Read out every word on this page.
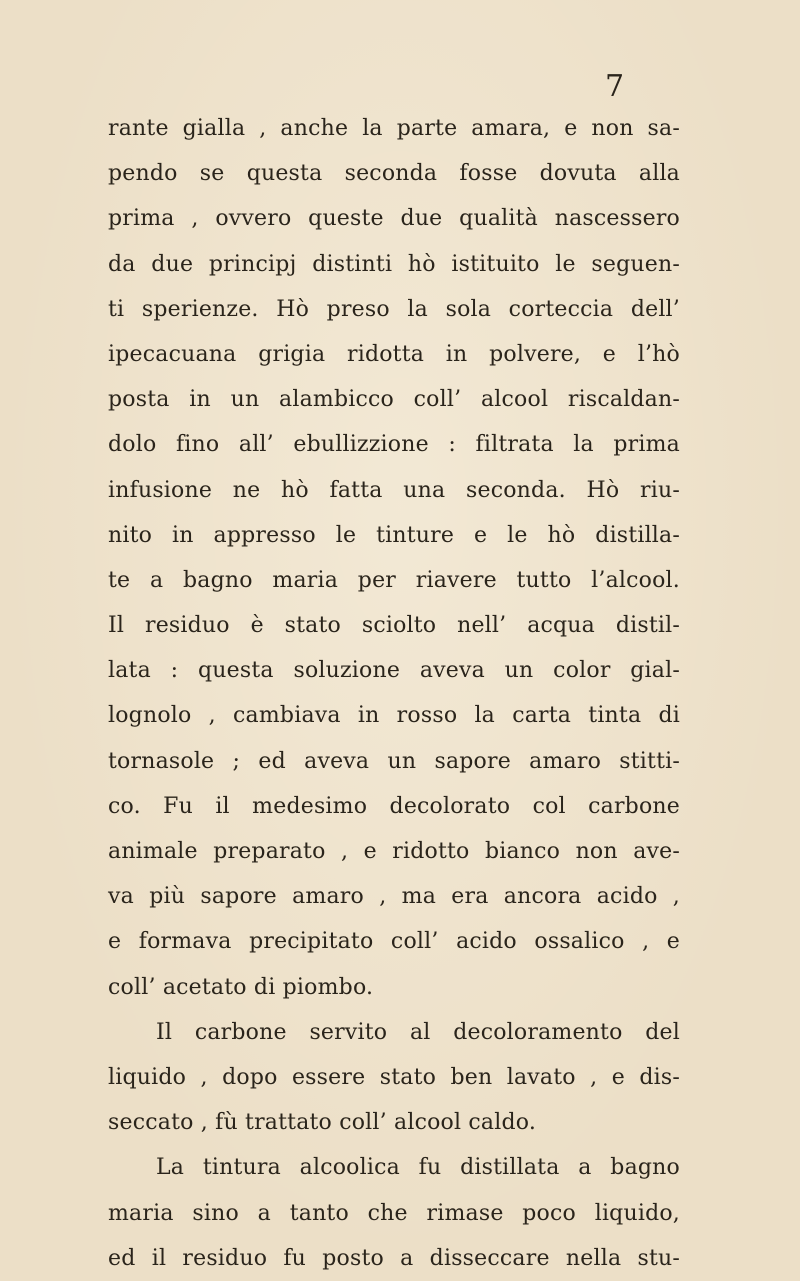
7
rante gialla , anche la parte amara, e non sa-
pendo se questa seconda fosse dovuta alla
prima , ovvero queste due qualità nascessero
da due principj distinti hò istituito le seguen-
ti sperienze. Hò preso la sola corteccia dell’
ipecacuana grigia ridotta in polvere, e l’hò
posta in un alambicco coll’ alcool riscaldan-
dolo fino all’ ebullizzione : filtrata la prima
infusione ne hò fatta una seconda. Hò riu-
nito in appresso le tinture e le hò distilla-
te a bagno maria per riavere tutto l’alcool.
Il residuo è stato sciolto nell’ acqua distil-
lata : questa soluzione aveva un color gial-
lognolo , cambiava in rosso la carta tinta di
tornasole ; ed aveva un sapore amaro stitti-
co. Fu il medesimo decolorato col carbone
animale preparato , e ridotto bianco non ave-
va più sapore amaro , ma era ancora acido ,
e formava precipitato coll’ acido ossalico , e
coll’ acetato di piombo.
Il carbone servito al decoloramento del
liquido , dopo essere stato ben lavato , e dis-
seccato , fù trattato coll’ alcool caldo.
La tintura alcoolica fu distillata a bagno
maria sino a tanto che rimase poco liquido,
ed il residuo fu posto a disseccare nella stu-
